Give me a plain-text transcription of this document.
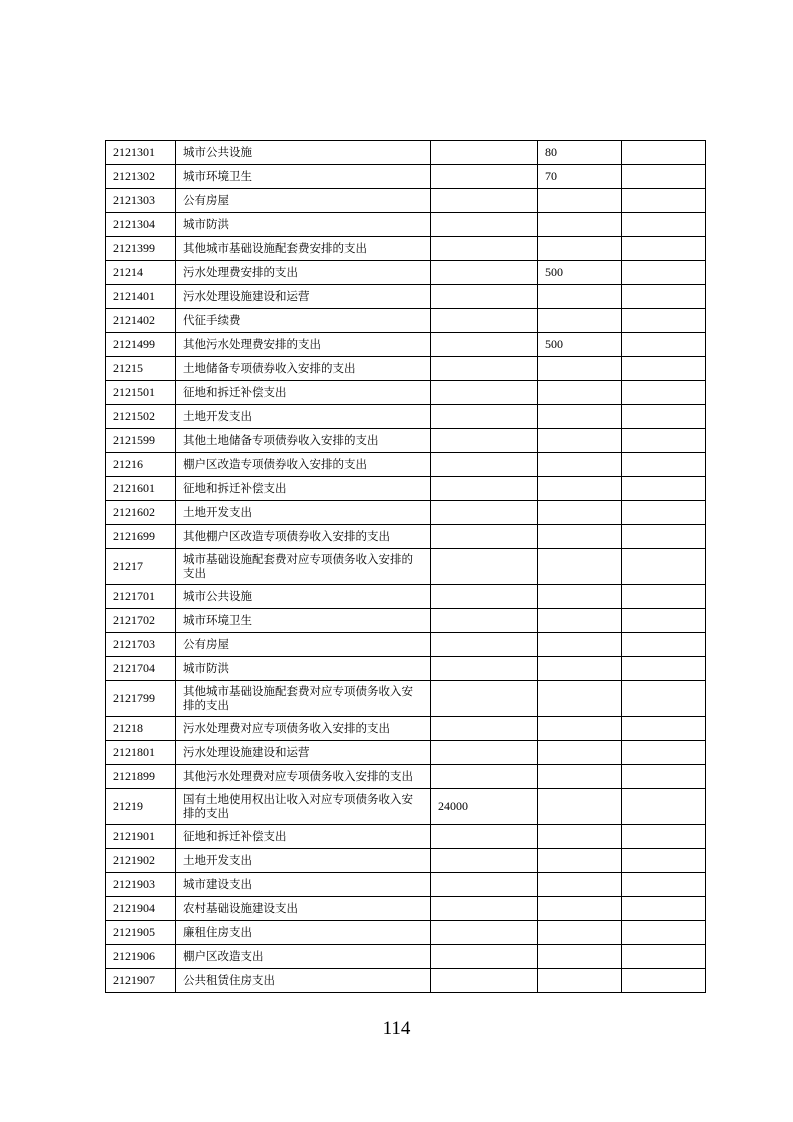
2121301	城市公共设施		80	
2121302	城市环境卫生		70	
2121303	公有房屋			
2121304	城市防洪			
2121399	其他城市基础设施配套费安排的支出			
21214	污水处理费安排的支出		500	
2121401	污水处理设施建设和运营			
2121402	代征手续费			
2121499	其他污水处理费安排的支出		500	
21215	土地储备专项债券收入安排的支出			
2121501	征地和拆迁补偿支出			
2121502	土地开发支出			
2121599	其他土地储备专项债券收入安排的支出			
21216	棚户区改造专项债券收入安排的支出			
2121601	征地和拆迁补偿支出			
2121602	土地开发支出			
2121699	其他棚户区改造专项债券收入安排的支出			
21217	城市基础设施配套费对应专项债务收入安排的支出			
2121701	城市公共设施			
2121702	城市环境卫生			
2121703	公有房屋			
2121704	城市防洪			
2121799	其他城市基础设施配套费对应专项债务收入安排的支出			
21218	污水处理费对应专项债务收入安排的支出			
2121801	污水处理设施建设和运营			
2121899	其他污水处理费对应专项债务收入安排的支出			
21219	国有土地使用权出让收入对应专项债务收入安排的支出	24000		
2121901	征地和拆迁补偿支出			
2121902	土地开发支出			
2121903	城市建设支出			
2121904	农村基础设施建设支出			
2121905	廉租住房支出			
2121906	棚户区改造支出			
2121907	公共租赁住房支出			
114
